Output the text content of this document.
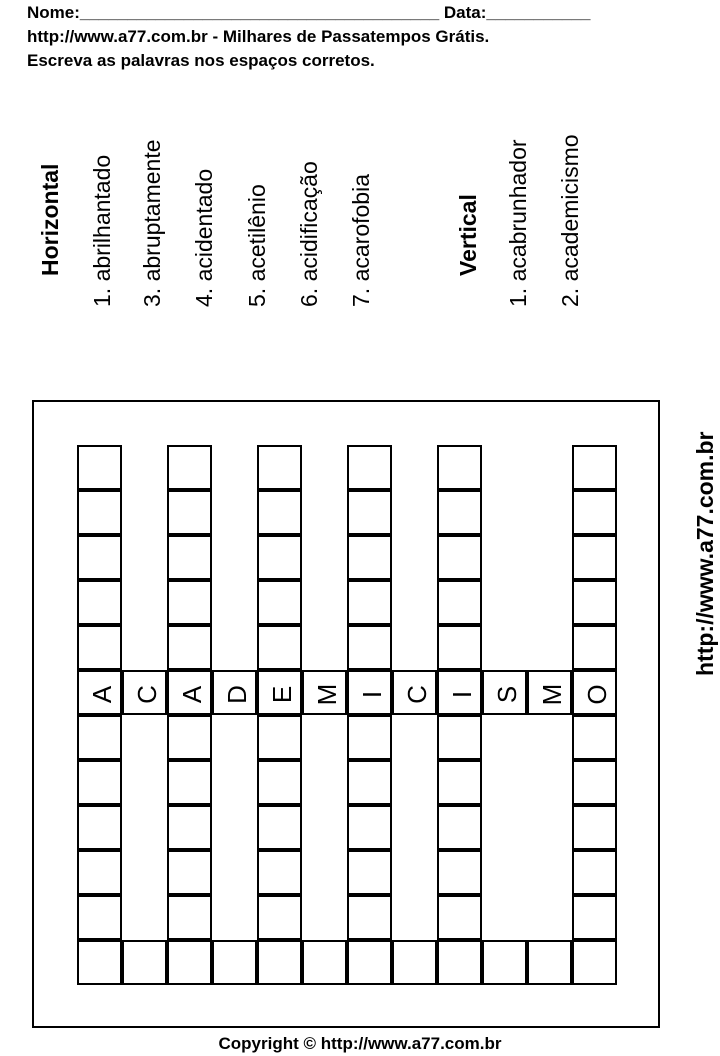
Nome:______________________________________ Data:___________
http://www.a77.com.br - Milhares de Passatempos Grátis.
Escreva as palavras nos espaços corretos.
Horizontal 1. abrilhantado 3. abruptamente 4. acidentado 5. acetilênio 6. acidificação 7. acarofobia	Vertical 1. acabrunhador 2. academicismo
http://www.a77.com.br
A C A D E M I C I S M O
Copyright © http://www.a77.com.br
